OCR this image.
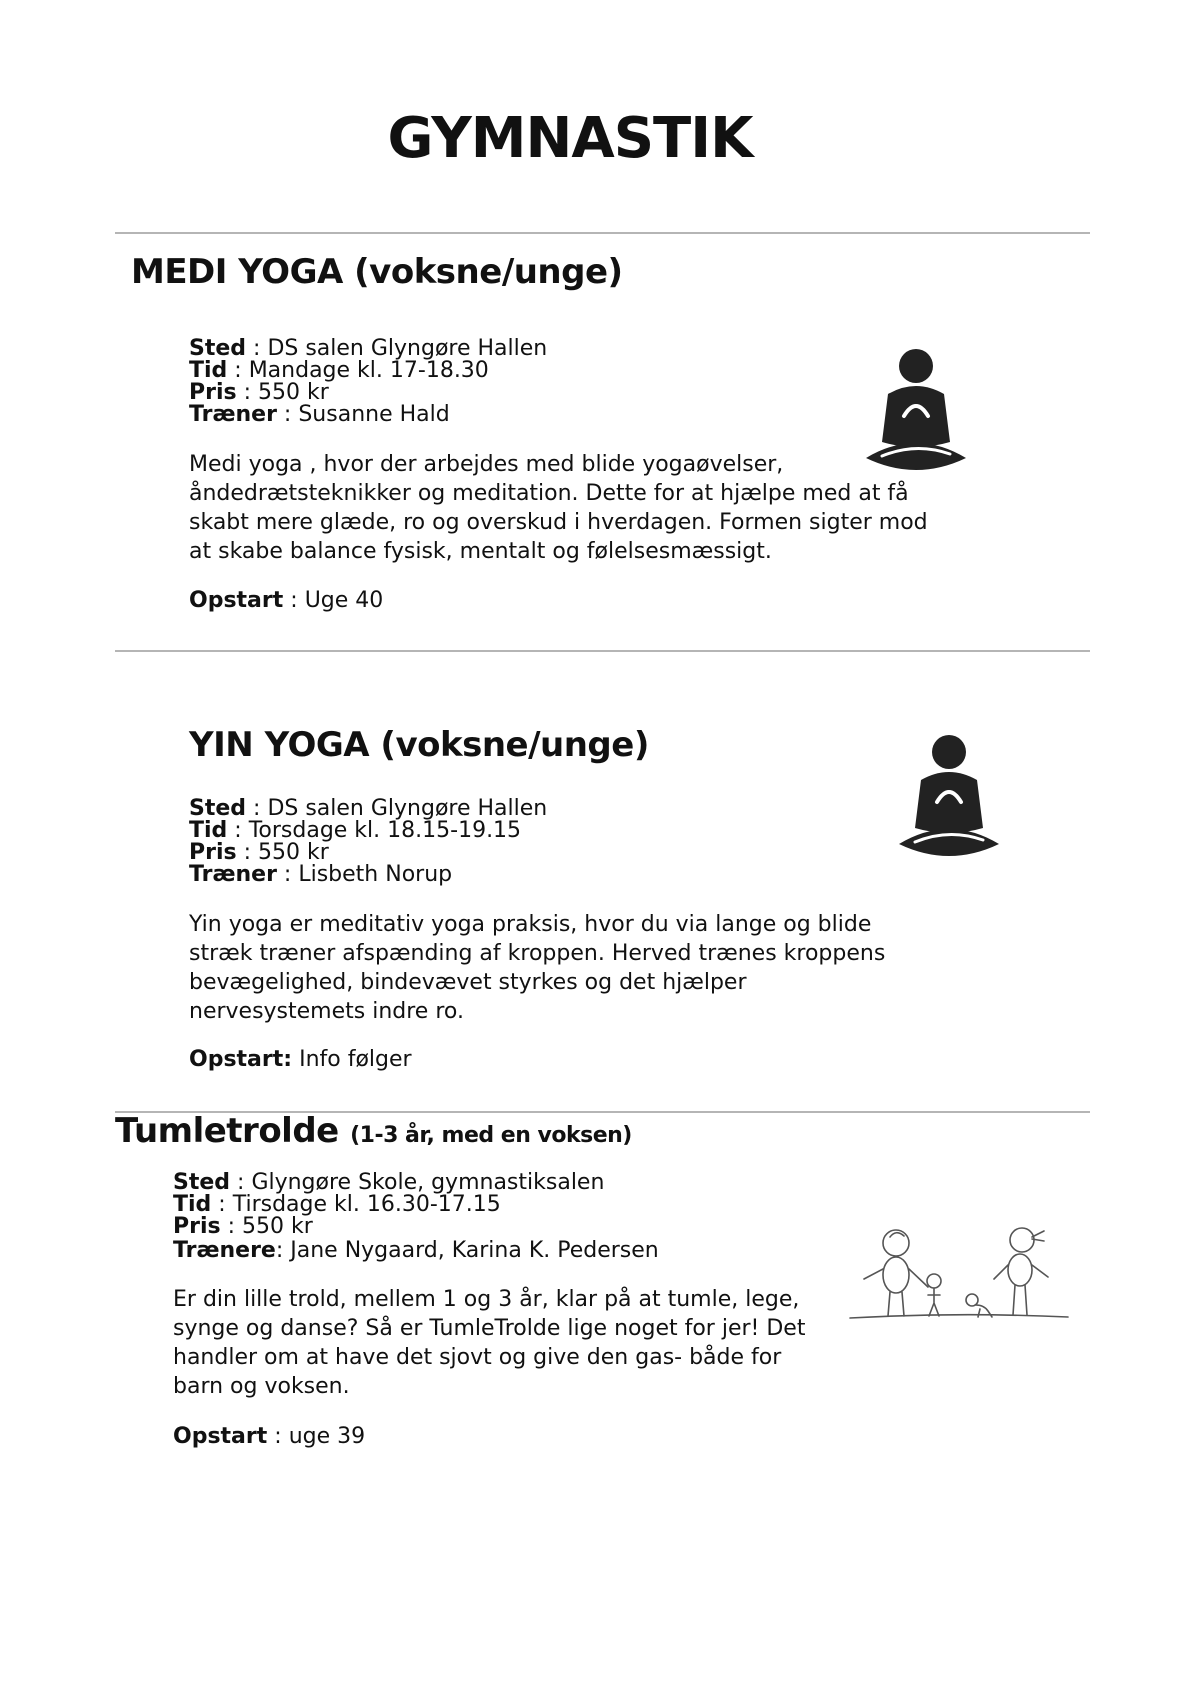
GYMNASTIK
MEDI YOGA (voksne/unge)
Sted : DS salen Glyngøre Hallen
Tid : Mandage kl. 17-18.30
Pris : 550 kr
Træner : Susanne Hald

Medi yoga , hvor der arbejdes med blide yogaøvelser, åndedrætsteknikker og meditation. Dette for at hjælpe med at få skabt mere glæde, ro og overskud i hverdagen. Formen sigter mod at skabe balance fysisk, mentalt og følelsesmæssigt.

Opstart : Uge 40
YIN YOGA (voksne/unge)
Sted : DS salen Glyngøre Hallen
Tid : Torsdage kl. 18.15-19.15
Pris : 550 kr
Træner : Lisbeth Norup

Yin yoga er meditativ yoga praksis, hvor du via lange og blide stræk træner afspænding af kroppen. Herved trænes kroppens bevægelighed, bindevævet styrkes og det hjælper nervesystemets indre ro.

Opstart: Info følger
Tumletrolde (1-3 år, med en voksen)
Sted : Glyngøre Skole, gymnastiksalen
Tid : Tirsdage kl. 16.30-17.15
Pris : 550 kr
Trænere: Jane Nygaard, Karina K. Pedersen

Er din lille trold, mellem 1 og 3 år, klar på at tumle, lege, synge og danse? Så er TumleTrolde lige noget for jer! Det handler om at have det sjovt og give den gas- både for barn og voksen.

Opstart : uge 39
